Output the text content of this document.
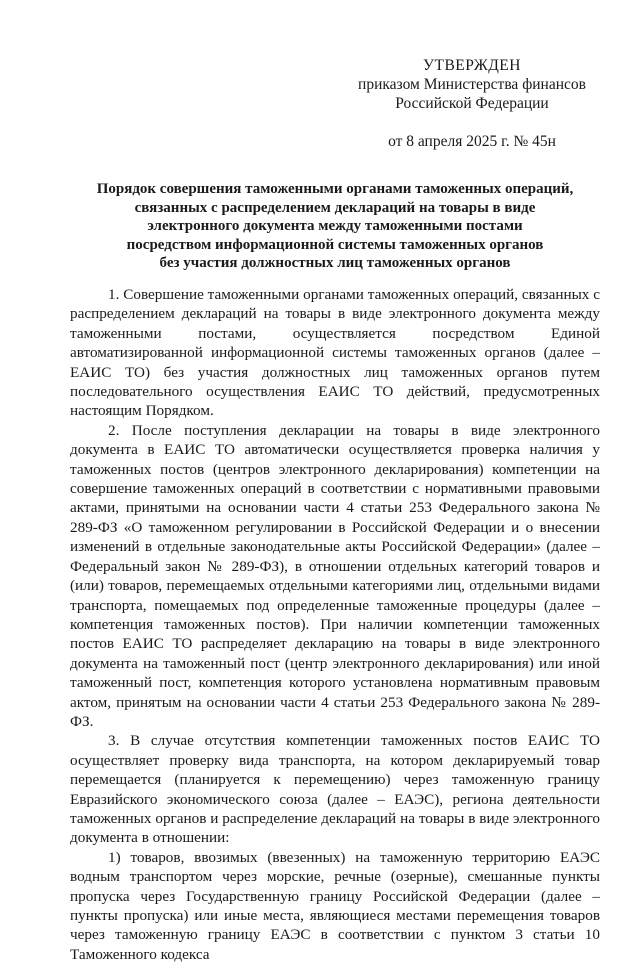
УТВЕРЖДЕН
приказом Министерства финансов
Российской Федерации
от 8 апреля 2025 г. № 45н
Порядок совершения таможенными органами таможенных операций,
связанных с распределением деклараций на товары в виде
электронного документа между таможенными постами
посредством информационной системы таможенных органов
без участия должностных лиц таможенных органов

1. Совершение таможенными органами таможенных операций, связанных с распределением деклараций на товары в виде электронного документа между таможенными постами, осуществляется посредством Единой автоматизированной информационной системы таможенных органов (далее – ЕАИС ТО) без участия должностных лиц таможенных органов путем последовательного осуществления ЕАИС ТО действий, предусмотренных настоящим Порядком.

2. После поступления декларации на товары в виде электронного документа в ЕАИС ТО автоматически осуществляется проверка наличия у таможенных постов (центров электронного декларирования) компетенции на совершение таможенных операций в соответствии с нормативными правовыми актами, принятыми на основании части 4 статьи 253 Федерального закона № 289-ФЗ «О таможенном регулировании в Российской Федерации и о внесении изменений в отдельные законодательные акты Российской Федерации» (далее – Федеральный закон № 289-ФЗ), в отношении отдельных категорий товаров и (или) товаров, перемещаемых отдельными категориями лиц, отдельными видами транспорта, помещаемых под определенные таможенные процедуры (далее – компетенция таможенных постов). При наличии компетенции таможенных постов ЕАИС ТО распределяет декларацию на товары в виде электронного документа на таможенный пост (центр электронного декларирования) или иной таможенный пост, компетенция которого установлена нормативным правовым актом, принятым на основании части 4 статьи 253 Федерального закона № 289-ФЗ.

3. В случае отсутствия компетенции таможенных постов ЕАИС ТО осуществляет проверку вида транспорта, на котором декларируемый товар перемещается (планируется к перемещению) через таможенную границу Евразийского экономического союза (далее – ЕАЭС), региона деятельности таможенных органов и распределение деклараций на товары в виде электронного документа в отношении:

1) товаров, ввозимых (ввезенных) на таможенную территорию ЕАЭС водным транспортом через морские, речные (озерные), смешанные пункты пропуска через Государственную границу Российской Федерации (далее – пункты пропуска) или иные места, являющиеся местами перемещения товаров через таможенную границу ЕАЭС в соответствии с пунктом 3 статьи 10 Таможенного кодекса
